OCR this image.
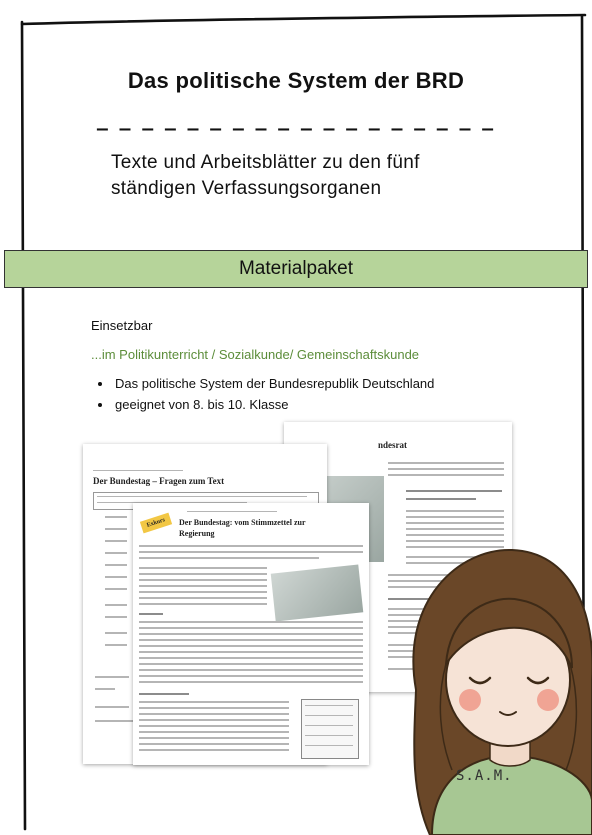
Das politische System der BRD
_ _ _ _ _ _ _ _ _ _ _ _ _ _ _ _ _ _
Texte und Arbeitsblätter zu den fünf
ständigen Verfassungsorganen
Materialpaket
Einsetzbar
...im Politikunterricht / Sozialkunde/ Gemeinschaftskunde
• Das politische System der Bundesrepublik Deutschland
• geeignet von 8. bis 10. Klasse
ndesrat
Der Bundestag – Fragen zum Text
Exkurs	Der Bundestag: vom Stimmzettel zur
Regierung
S.A.M.
